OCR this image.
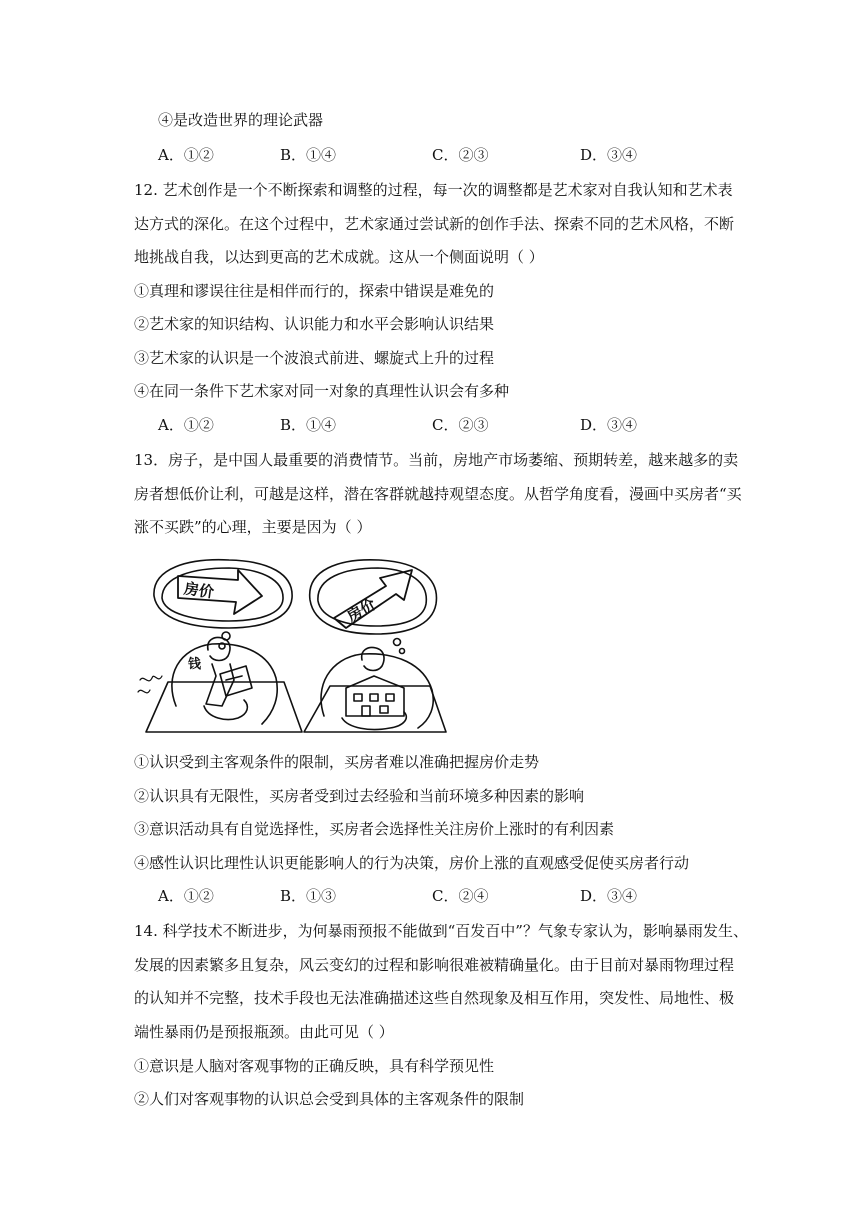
④是改造世界的理论武器
A．①②	B．①④	C．②③	D．③④
12. 艺术创作是一个不断探索和调整的过程，每一次的调整都是艺术家对自我认知和艺术表
达方式的深化。在这个过程中，艺术家通过尝试新的创作手法、探索不同的艺术风格，不断
地挑战自我，以达到更高的艺术成就。这从一个侧面说明（ ）
①真理和谬误往往是相伴而行的，探索中错误是难免的
②艺术家的知识结构、认识能力和水平会影响认识结果
③艺术家的认识是一个波浪式前进、螺旋式上升的过程
④在同一条件下艺术家对同一对象的真理性认识会有多种
A．①②	B．①④	C．②③	D．③④
13．房子，是中国人最重要的消费情节。当前，房地产市场萎缩、预期转差，越来越多的卖
房者想低价让利，可越是这样，潜在客群就越持观望态度。从哲学角度看，漫画中买房者“买
涨不买跌”的心理，主要是因为（ ）
房价
房价
钱
①认识受到主客观条件的限制，买房者难以准确把握房价走势
②认识具有无限性，买房者受到过去经验和当前环境多种因素的影响
③意识活动具有自觉选择性，买房者会选择性关注房价上涨时的有利因素
④感性认识比理性认识更能影响人的行为决策，房价上涨的直观感受促使买房者行动
A．①②	B．①③	C．②④	D．③④
14. 科学技术不断进步，为何暴雨预报不能做到“百发百中”？气象专家认为，影响暴雨发生、
发展的因素繁多且复杂，风云变幻的过程和影响很难被精确量化。由于目前对暴雨物理过程
的认知并不完整，技术手段也无法准确描述这些自然现象及相互作用，突发性、局地性、极
端性暴雨仍是预报瓶颈。由此可见（ ）
①意识是人脑对客观事物的正确反映，具有科学预见性
②人们对客观事物的认识总会受到具体的主客观条件的限制
